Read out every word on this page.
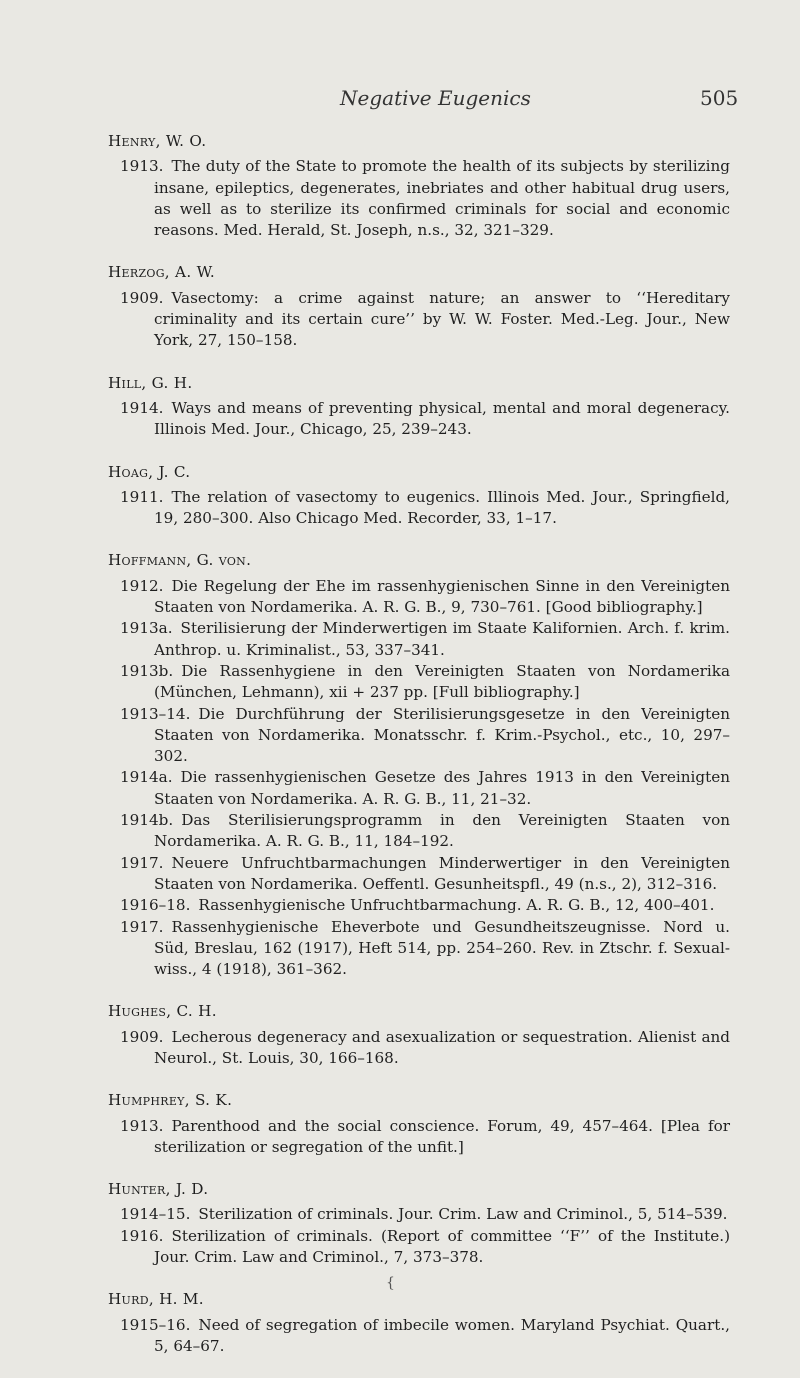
Negative Eugenics	505
Henry, W. O.
1913. The duty of the State to promote the health of its subjects by sterilizing insane, epileptics, degenerates, inebriates and other habitual drug users, as well as to sterilize its confirmed criminals for social and economic reasons. Med. Herald, St. Joseph, n.s., 32, 321–329.
Herzog, A. W.
1909. Vasectomy: a crime against nature; an answer to ‘‘Hereditary criminality and its certain cure’’ by W. W. Foster. Med.-Leg. Jour., New York, 27, 150–158.
Hill, G. H.
1914. Ways and means of preventing physical, mental and moral degeneracy. Illinois Med. Jour., Chicago, 25, 239–243.
Hoag, J. C.
1911. The relation of vasectomy to eugenics. Illinois Med. Jour., Springfield, 19, 280–300. Also Chicago Med. Recorder, 33, 1–17.
Hoffmann, G. von.
1912. Die Regelung der Ehe im rassenhygienischen Sinne in den Vereinigten Staaten von Nordamerika. A. R. G. B., 9, 730–761. [Good bibliography.]
1913a. Sterilisierung der Minderwertigen im Staate Kalifornien. Arch. f. krim. Anthrop. u. Kriminalist., 53, 337–341.
1913b. Die Rassenhygiene in den Vereinigten Staaten von Nordamerika (München, Lehmann), xii + 237 pp. [Full bibliography.]
1913–14. Die Durchführung der Sterilisierungsgesetze in den Vereinigten Staaten von Nordamerika. Monatsschr. f. Krim.-Psychol., etc., 10, 297–302.
1914a. Die rassenhygienischen Gesetze des Jahres 1913 in den Vereinigten Staaten von Nordamerika. A. R. G. B., 11, 21–32.
1914b. Das Sterilisierungsprogramm in den Vereinigten Staaten von Nordamerika. A. R. G. B., 11, 184–192.
1917. Neuere Unfruchtbarmachungen Minderwertiger in den Vereinigten Staaten von Nordamerika. Oeffentl. Gesunheitspfl., 49 (n.s., 2), 312–316.
1916–18. Rassenhygienische Unfruchtbarmachung. A. R. G. B., 12, 400–401.
1917. Rassenhygienische Eheverbote und Gesundheitszeugnisse. Nord u. Süd, Breslau, 162 (1917), Heft 514, pp. 254–260. Rev. in Ztschr. f. Sexual-wiss., 4 (1918), 361–362.
Hughes, C. H.
1909. Lecherous degeneracy and asexualization or sequestration. Alienist and Neurol., St. Louis, 30, 166–168.
Humphrey, S. K.
1913. Parenthood and the social conscience. Forum, 49, 457–464. [Plea for sterilization or segregation of the unfit.]
Hunter, J. D.
1914–15. Sterilization of criminals. Jour. Crim. Law and Criminol., 5, 514–539.
1916. Sterilization of criminals. (Report of committee ‘‘F’’ of the Institute.) Jour. Crim. Law and Criminol., 7, 373–378.
Hurd, H. M.
1915–16. Need of segregation of imbecile women. Maryland Psychiat. Quart., 5, 64–67.
{
